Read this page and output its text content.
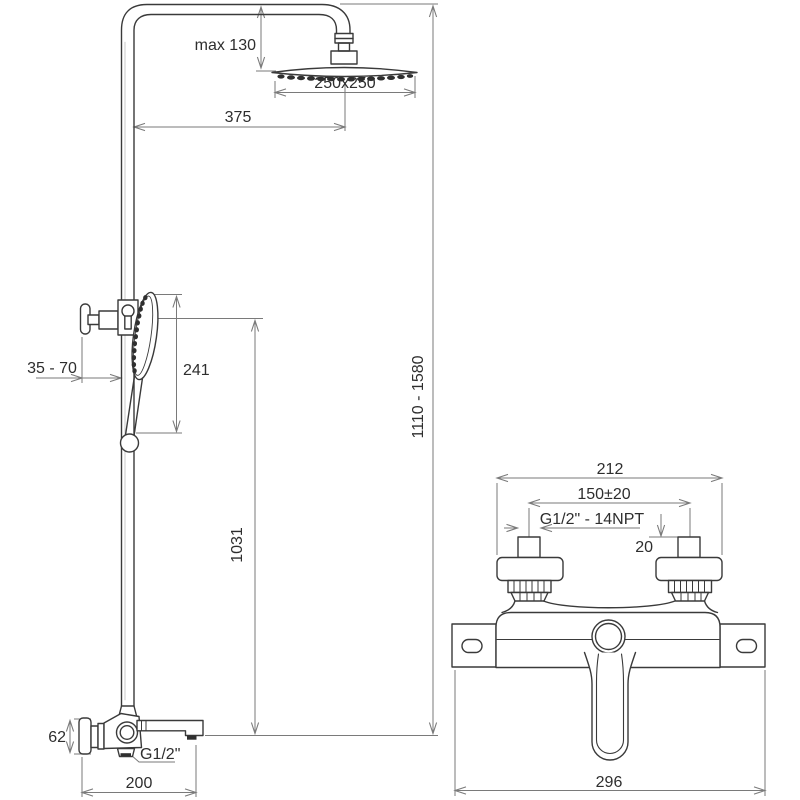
max 130
250x250
375
241
35 - 70	1110 - 1580
1031
62
G1/2"
200
212
150±20
G1/2" - 14NPT
20
296
